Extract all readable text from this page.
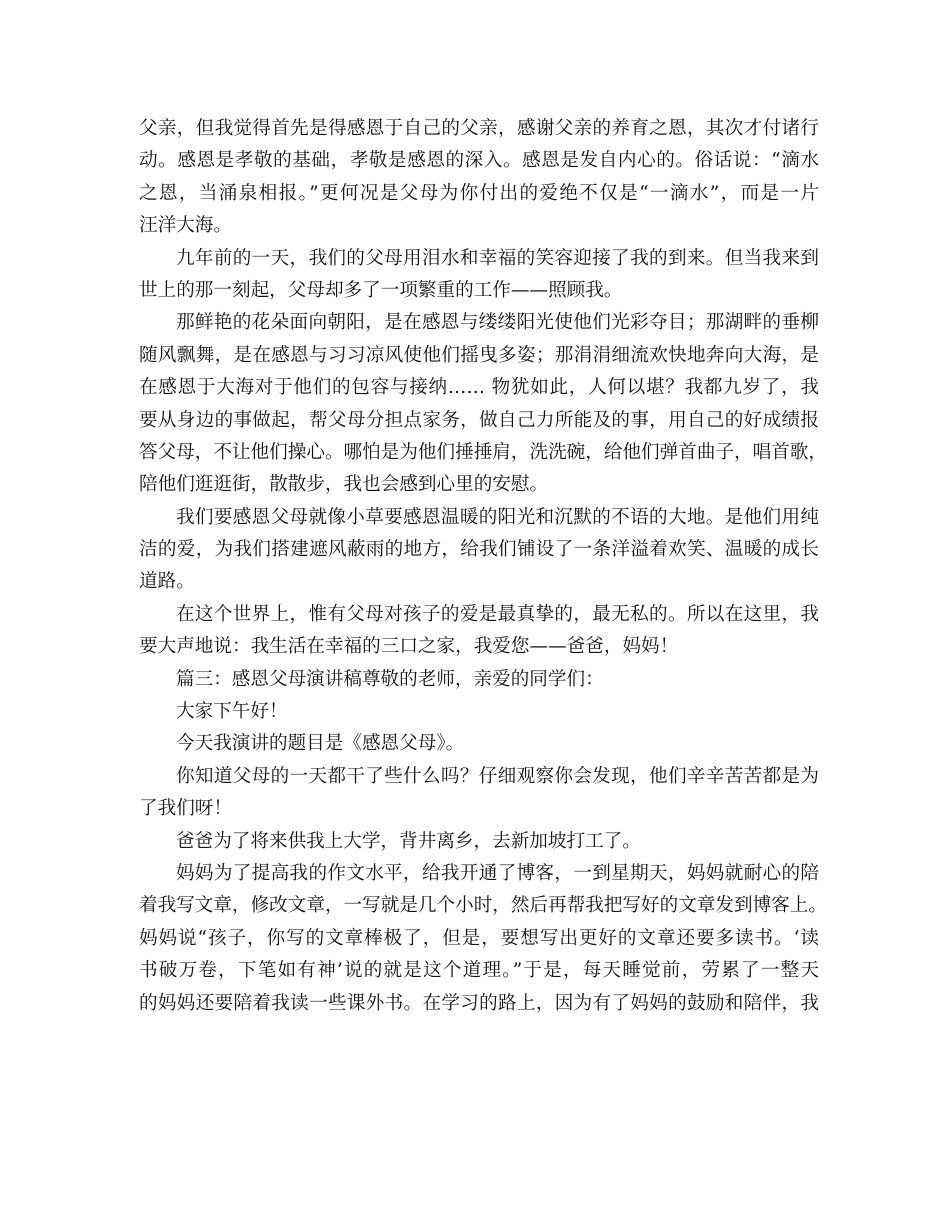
父亲，但我觉得首先是得感恩于自己的父亲，感谢父亲的养育之恩，其次才付诸行
动。感恩是孝敬的基础，孝敬是感恩的深入。感恩是发自内心的。俗话说：“滴水
之恩，当涌泉相报。”更何况是父母为你付出的爱绝不仅是“一滴水”，而是一片
汪洋大海。
九年前的一天，我们的父母用泪水和幸福的笑容迎接了我的到来。但当我来到
世上的那一刻起，父母却多了一项繁重的工作——照顾我。
那鲜艳的花朵面向朝阳，是在感恩与缕缕阳光使他们光彩夺目；那湖畔的垂柳
随风飘舞，是在感恩与习习凉风使他们摇曳多姿；那涓涓细流欢快地奔向大海，是
在感恩于大海对于他们的包容与接纳…… 物犹如此，人何以堪？我都九岁了，我
要从身边的事做起，帮父母分担点家务，做自己力所能及的事，用自己的好成绩报
答父母，不让他们操心。哪怕是为他们捶捶肩，洗洗碗，给他们弹首曲子，唱首歌，
陪他们逛逛街，散散步，我也会感到心里的安慰。
我们要感恩父母就像小草要感恩温暖的阳光和沉默的不语的大地。是他们用纯
洁的爱，为我们搭建遮风蔽雨的地方，给我们铺设了一条洋溢着欢笑、温暖的成长
道路。
在这个世界上，惟有父母对孩子的爱是最真挚的，最无私的。所以在这里，我
要大声地说：我生活在幸福的三口之家，我爱您——爸爸，妈妈！
篇三：感恩父母演讲稿尊敬的老师，亲爱的同学们：
大家下午好！
今天我演讲的题目是《感恩父母》。
你知道父母的一天都干了些什么吗？仔细观察你会发现，他们辛辛苦苦都是为
了我们呀！
爸爸为了将来供我上大学，背井离乡，去新加坡打工了。
妈妈为了提高我的作文水平，给我开通了博客，一到星期天，妈妈就耐心的陪
着我写文章，修改文章，一写就是几个小时，然后再帮我把写好的文章发到博客上。
妈妈说“孩子，你写的文章棒极了，但是，要想写出更好的文章还要多读书。‘读
书破万卷，下笔如有神’说的就是这个道理。”于是，每天睡觉前，劳累了一整天
的妈妈还要陪着我读一些课外书。在学习的路上，因为有了妈妈的鼓励和陪伴，我
